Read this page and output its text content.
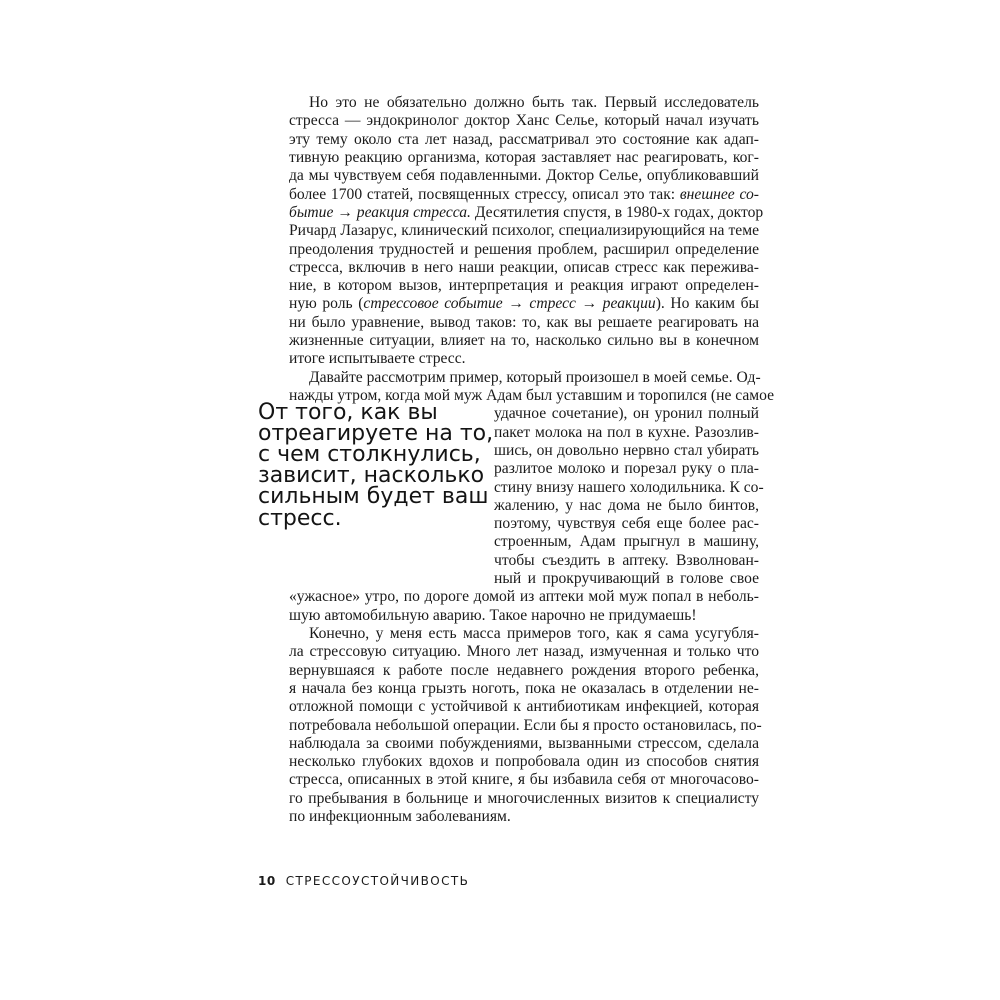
Но это не обязательно должно быть так. Первый исследователь
стресса — эндокринолог доктор Ханс Селье, который начал изучать
эту тему около ста лет назад, рассматривал это состояние как адап-
тивную реакцию организма, которая заставляет нас реагировать, ког-
да мы чувствуем себя подавленными. Доктор Селье, опубликовавший
более 1700 статей, посвященных стрессу, описал это так: внешнее со-
бытие → реакция стресса. Десятилетия спустя, в 1980-х годах, доктор
Ричард Лазарус, клинический психолог, специализирующийся на теме
преодоления трудностей и решения проблем, расширил определение
стресса, включив в него наши реакции, описав стресс как пережива-
ние, в котором вызов, интерпретация и реакция играют определен-
ную роль (стрессовое событие → стресс → реакции). Но каким бы
ни было уравнение, вывод таков: то, как вы решаете реагировать на
жизненные ситуации, влияет на то, насколько сильно вы в конечном
итоге испытываете стресс.
Давайте рассмотрим пример, который произошел в моей семье. Од-
нажды утром, когда мой муж Адам был уставшим и торопился (не самое
удачное сочетание), он уронил полный
пакет молока на пол в кухне. Разозлив-
шись, он довольно нервно стал убирать
разлитое молоко и порезал руку о пла-
стину внизу нашего холодильника. К со-
жалению, у нас дома не было бинтов,
поэтому, чувствуя себя еще более рас-
строенным, Адам прыгнул в машину,
чтобы съездить в аптеку. Взволнован-
ный и прокручивающий в голове свое
«ужасное» утро, по дороге домой из аптеки мой муж попал в неболь-
шую автомобильную аварию. Такое нарочно не придумаешь!
Конечно, у меня есть масса примеров того, как я сама усугубля-
ла стрессовую ситуацию. Много лет назад, измученная и только что
вернувшаяся к работе после недавнего рождения второго ребенка,
я начала без конца грызть ноготь, пока не оказалась в отделении не-
отложной помощи с устойчивой к антибиотикам инфекцией, которая
потребовала небольшой операции. Если бы я просто остановилась, по-
наблюдала за своими побуждениями, вызванными стрессом, сделала
несколько глубоких вдохов и попробовала один из способов снятия
стресса, описанных в этой книге, я бы избавила себя от многочасово-
го пребывания в больнице и многочисленных визитов к специалисту
по инфекционным заболеваниям.
От того, как вы
отреагируете на то,
с чем столкнулись,
зависит, насколько
сильным будет ваш
стресс.
10 СТРЕССОУСТОЙЧИВОСТЬ
